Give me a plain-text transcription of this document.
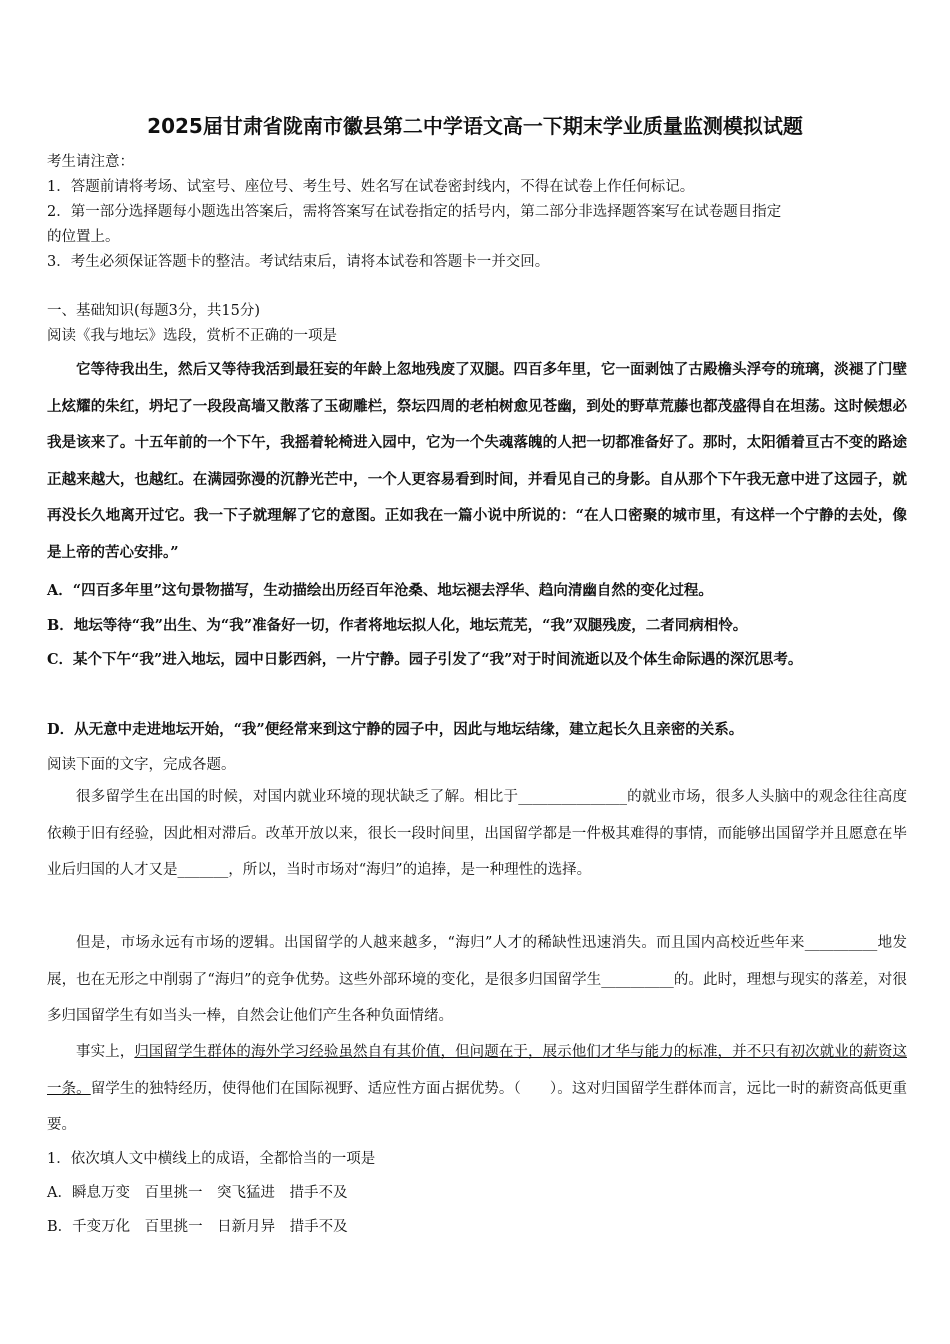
2025届甘肃省陇南市徽县第二中学语文高一下期末学业质量监测模拟试题
考生请注意：
1．答题前请将考场、试室号、座位号、考生号、姓名写在试卷密封线内，不得在试卷上作任何标记。
2．第一部分选择题每小题选出答案后，需将答案写在试卷指定的括号内，第二部分非选择题答案写在试卷题目指定
的位置上。
3．考生必须保证答题卡的整洁。考试结束后，请将本试卷和答题卡一并交回。
一、基础知识(每题3分，共15分)
阅读《我与地坛》选段，赏析不正确的一项是
它等待我出生，然后又等待我活到最狂妄的年龄上忽地残废了双腿。四百多年里，它一面剥蚀了古殿檐头浮夸的琉璃，淡褪了门壁上炫耀的朱红，坍圮了一段段高墙又散落了玉砌雕栏，祭坛四周的老柏树愈见苍幽，到处的野草荒藤也都茂盛得自在坦荡。这时候想必我是该来了。十五年前的一个下午，我摇着轮椅进入园中，它为一个失魂落魄的人把一切都准备好了。那时，太阳循着亘古不变的路途正越来越大，也越红。在满园弥漫的沉静光芒中，一个人更容易看到时间，并看见自己的身影。自从那个下午我无意中进了这园子，就再没长久地离开过它。我一下子就理解了它的意图。正如我在一篇小说中所说的：“在人口密聚的城市里，有这样一个宁静的去处，像是上帝的苦心安排。”
A．“四百多年里”这句景物描写，生动描绘出历经百年沧桑、地坛褪去浮华、趋向清幽自然的变化过程。
B．地坛等待“我”出生、为“我”准备好一切，作者将地坛拟人化，地坛荒芜，“我”双腿残废，二者同病相怜。
C．某个下午“我”进入地坛，园中日影西斜，一片宁静。园子引发了“我”对于时间流逝以及个体生命际遇的深沉思考。
D．从无意中走进地坛开始，“我”便经常来到这宁静的园子中，因此与地坛结缘，建立起长久且亲密的关系。
阅读下面的文字，完成各题。
很多留学生在出国的时候，对国内就业环境的现状缺乏了解。相比于_______________的就业市场，很多人头脑中的观念往往高度依赖于旧有经验，因此相对滞后。改革开放以来，很长一段时间里，出国留学都是一件极其难得的事情，而能够出国留学并且愿意在毕业后归国的人才又是_______，所以，当时市场对“海归”的追捧，是一种理性的选择。
但是，市场永远有市场的逻辑。出国留学的人越来越多，“海归”人才的稀缺性迅速消失。而且国内高校近些年来__________地发展，也在无形之中削弱了“海归”的竞争优势。这些外部环境的变化，是很多归国留学生__________的。此时，理想与现实的落差，对很多归国留学生有如当头一棒，自然会让他们产生各种负面情绪。
事实上，归国留学生群体的海外学习经验虽然自有其价值，但问题在于，展示他们才华与能力的标准，并不只有初次就业的薪资这一条。留学生的独特经历，使得他们在国际视野、适应性方面占据优势。（　　）。这对归国留学生群体而言，远比一时的薪资高低更重要。
1．依次填人文中横线上的成语，全都恰当的一项是
A．瞬息万变　百里挑一　突飞猛进　措手不及
B．千变万化　百里挑一　日新月异　措手不及
